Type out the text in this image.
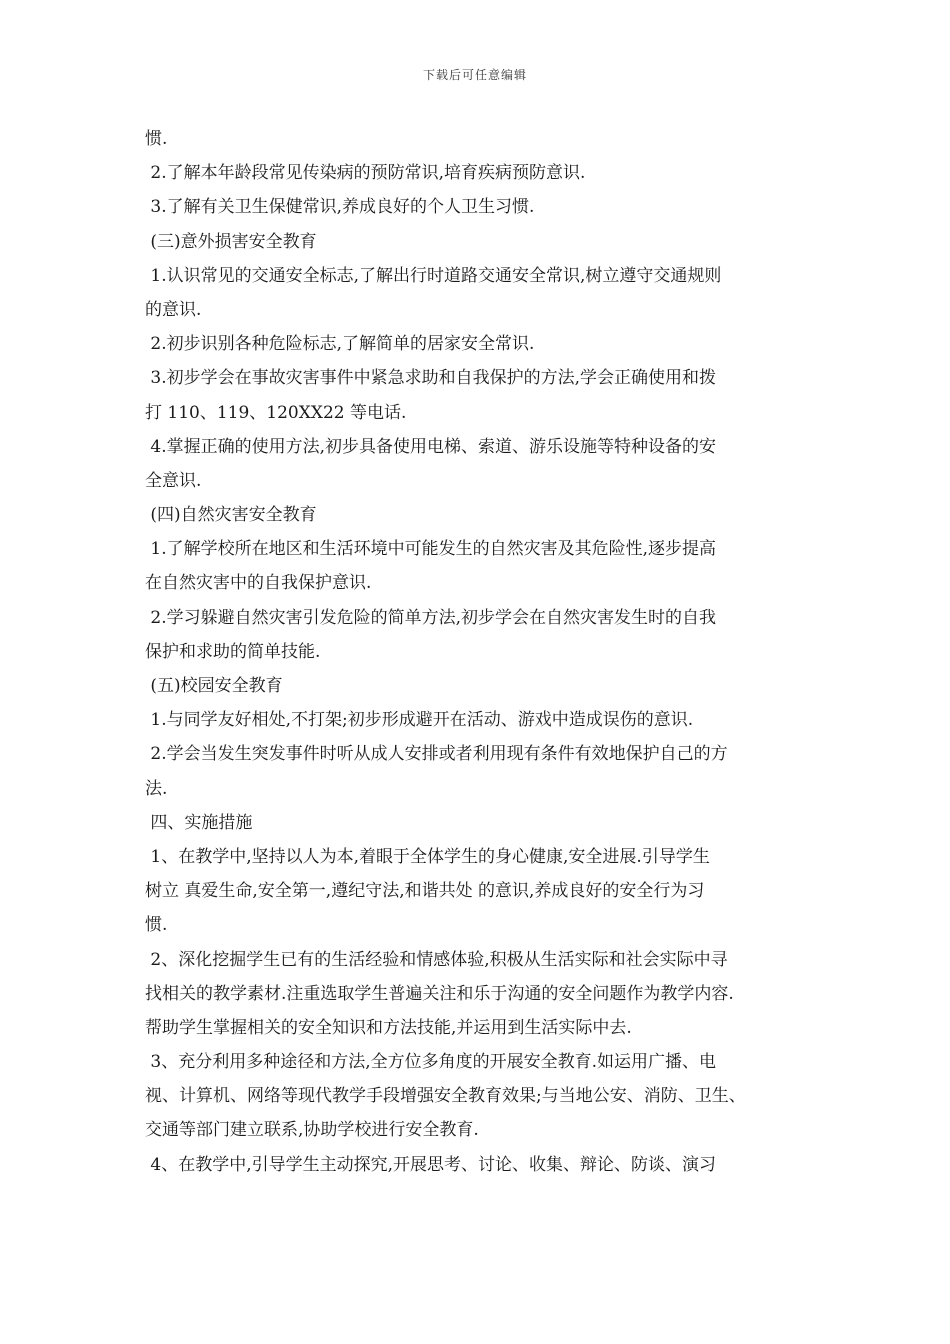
下载后可任意编辑
惯.
2.了解本年龄段常见传染病的预防常识,培育疾病预防意识.
3.了解有关卫生保健常识,养成良好的个人卫生习惯.
(三)意外损害安全教育
1.认识常见的交通安全标志,了解出行时道路交通安全常识,树立遵守交通规则
的意识.
2.初步识别各种危险标志,了解简单的居家安全常识.
3.初步学会在事故灾害事件中紧急求助和自我保护的方法,学会正确使用和拨
打 110、119、120XX22 等电话.
4.掌握正确的使用方法,初步具备使用电梯、索道、游乐设施等特种设备的安
全意识.
(四)自然灾害安全教育
1.了解学校所在地区和生活环境中可能发生的自然灾害及其危险性,逐步提高
在自然灾害中的自我保护意识.
2.学习躲避自然灾害引发危险的简单方法,初步学会在自然灾害发生时的自我
保护和求助的简单技能.
(五)校园安全教育
1.与同学友好相处,不打架;初步形成避开在活动、游戏中造成误伤的意识.
2.学会当发生突发事件时听从成人安排或者利用现有条件有效地保护自己的方
法.
四、实施措施
1、在教学中,坚持以人为本,着眼于全体学生的身心健康,安全进展.引导学生
树立 真爱生命,安全第一,遵纪守法,和谐共处 的意识,养成良好的安全行为习
惯.
2、深化挖掘学生已有的生活经验和情感体验,积极从生活实际和社会实际中寻
找相关的教学素材.注重选取学生普遍关注和乐于沟通的安全问题作为教学内容.
帮助学生掌握相关的安全知识和方法技能,并运用到生活实际中去.
3、充分利用多种途径和方法,全方位多角度的开展安全教育.如运用广播、电
视、计算机、网络等现代教学手段增强安全教育效果;与当地公安、消防、卫生、
交通等部门建立联系,协助学校进行安全教育.
4、在教学中,引导学生主动探究,开展思考、讨论、收集、辩论、防谈、演习
